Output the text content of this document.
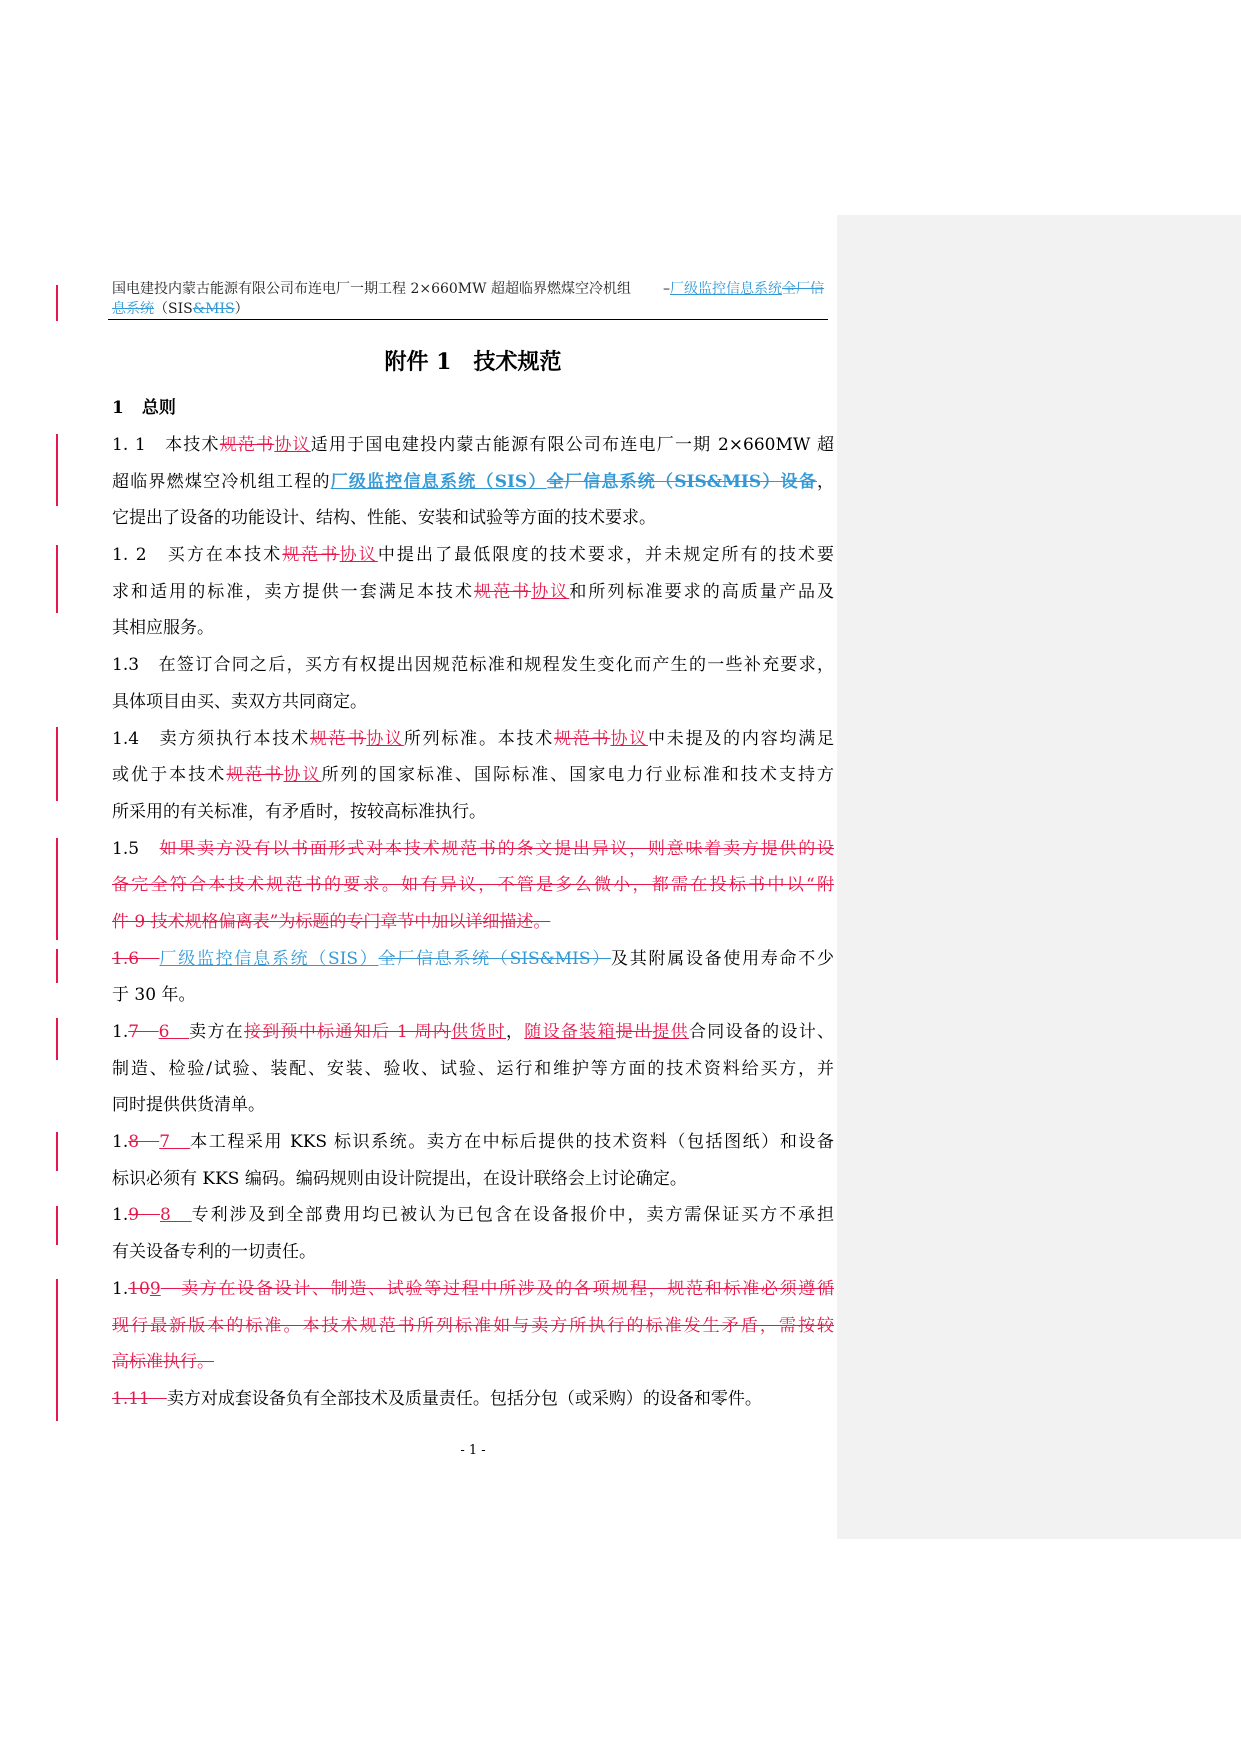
国电建投内蒙古能源有限公司布连电厂一期工程 2×660MW 超超临界燃煤空冷机组 –厂级监控信息系统全厂信
息系统（SIS&MIS）
附件 1　技术规范
1 总则
1. 1　本技术规范书协议适用于国电建投内蒙古能源有限公司布连电厂一期 2×660MW 超
超临界燃煤空冷机组工程的厂级监控信息系统（SIS）全厂信息系统（SIS&MIS）设备，
它提出了设备的功能设计、结构、性能、安装和试验等方面的技术要求。
1. 2　买方在本技术规范书协议中提出了最低限度的技术要求，并未规定所有的技术要
求和适用的标准，卖方提供一套满足本技术规范书协议和所列标准要求的高质量产品及
其相应服务。
1.3　在签订合同之后，买方有权提出因规范标准和规程发生变化而产生的一些补充要求，
具体项目由买、卖双方共同商定。
1.4　卖方须执行本技术规范书协议所列标准。本技术规范书协议中未提及的内容均满足
或优于本技术规范书协议所列的国家标准、国际标准、国家电力行业标准和技术支持方
所采用的有关标准，有矛盾时，按较高标准执行。
1.5　如果卖方没有以书面形式对本技术规范书的条文提出异议，则意味着卖方提供的设
备完全符合本技术规范书的要求。如有异议，不管是多么微小，都需在投标书中以“附
件 9 技术规格偏离表”为标题的专门章节中加以详细描述。
1.6　厂级监控信息系统（SIS）全厂信息系统（SIS&MIS）及其附属设备使用寿命不少
于 30 年。
1.7　6　卖方在接到预中标通知后 1 周内供货时，随设备装箱提出提供合同设备的设计、
制造、检验/试验、装配、安装、验收、试验、运行和维护等方面的技术资料给买方，并
同时提供供货清单。
1.8　7　本工程采用 KKS 标识系统。卖方在中标后提供的技术资料（包括图纸）和设备
标识必须有 KKS 编码。编码规则由设计院提出，在设计联络会上讨论确定。
1.9　8　专利涉及到全部费用均已被认为已包含在设备报价中，卖方需保证买方不承担
有关设备专利的一切责任。
1.109　卖方在设备设计、制造、试验等过程中所涉及的各项规程，规范和标准必须遵循
现行最新版本的标准。本技术规范书所列标准如与卖方所执行的标准发生矛盾，需按较
高标准执行。
1.11　卖方对成套设备负有全部技术及质量责任。包括分包（或采购）的设备和零件。
- 1 -
